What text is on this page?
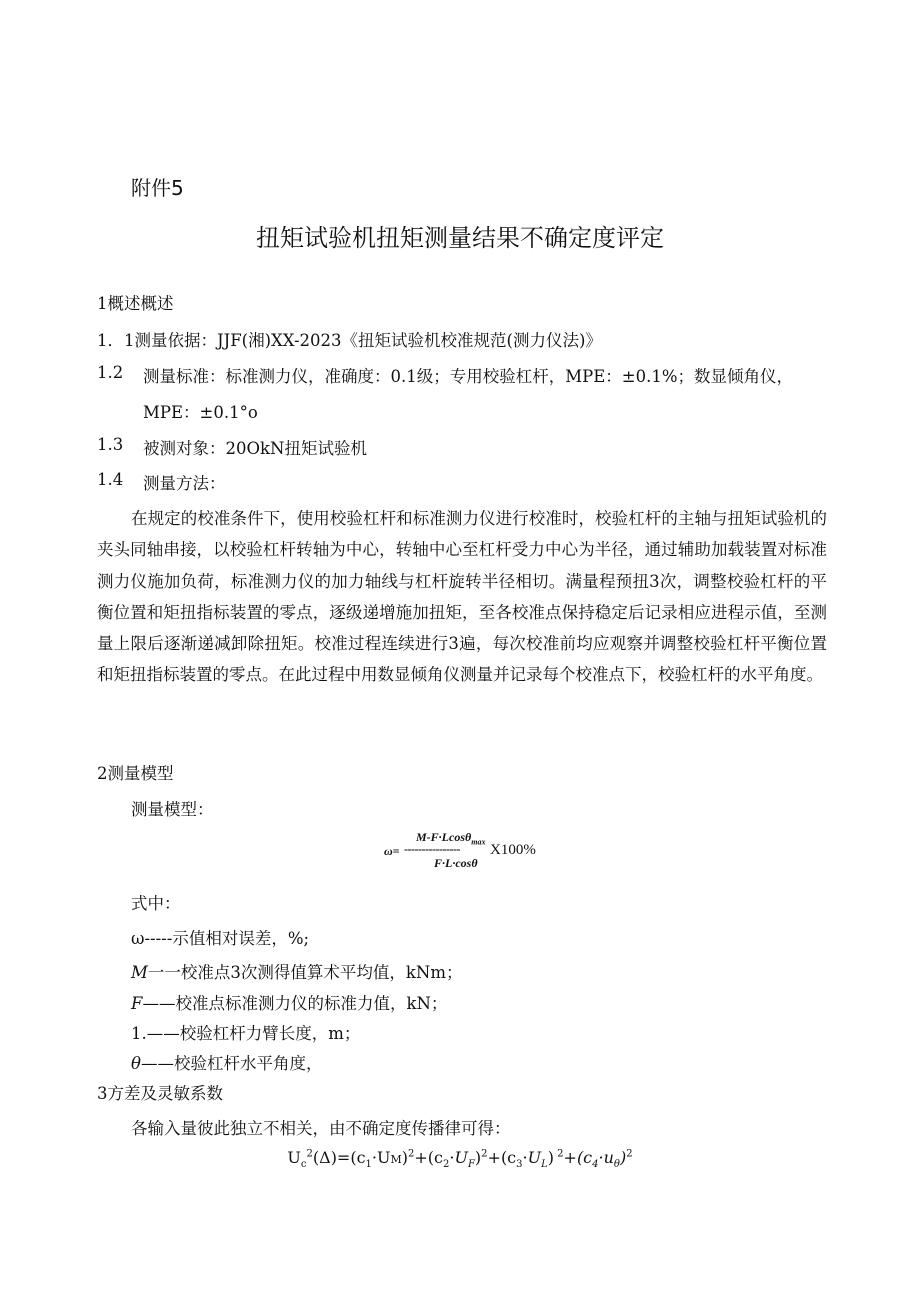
附件5
扭矩试验机扭矩测量结果不确定度评定
1概述概述
1．1测量依据：JJF(湘)XX-2023《扭矩试验机校准规范(测力仪法)》
1.2 测量标准：标准测力仪，准确度：0.1级；专用校验杠杆，MPE：±0.1%；数显倾角仪，
MPE：±0.1°o
1.3 被测对象：20OkN扭矩试验机
1.4 测量方法：
在规定的校准条件下，使用校验杠杆和标准测力仪进行校准时，校验杠杆的主轴与扭矩试验机的夹头同轴串接，以校验杠杆转轴为中心，转轴中心至杠杆受力中心为半径，通过辅助加载装置对标准测力仪施加负荷，标准测力仪的加力轴线与杠杆旋转半径相切。满量程预扭3次，调整校验杠杆的平衡位置和矩扭指标装置的零点，逐级递增施加扭矩，至各校准点保持稳定后记录相应进程示值，至测量上限后逐渐递减卸除扭矩。校准过程连续进行3遍，每次校准前均应观察并调整校验杠杆平衡位置和矩扭指标装置的零点。在此过程中用数显倾角仪测量并记录每个校准点下，校验杠杆的水平角度。
2测量模型
测量模型：
M-F·Lcosθ$_{max}$
ω= ---------------- X100%
F·L·cosθ
式中：
ω-----示值相对误差，%;
M一一校准点3次测得值算术平均值，kNm；
F——校准点标准测力仪的标准力值，kN；
1.——校验杠杆力臂长度，m；
θ——校验杠杆水平角度，
3方差及灵敏系数
各输入量彼此独立不相关，由不确定度传播律可得：
$U_c^2(\Delta)=(c_1\cdot UM)^2+(c_2\cdot U_F)^2+(c_3\cdot U_L)$ $^2+(c_4\cdot u_\theta)^2$
